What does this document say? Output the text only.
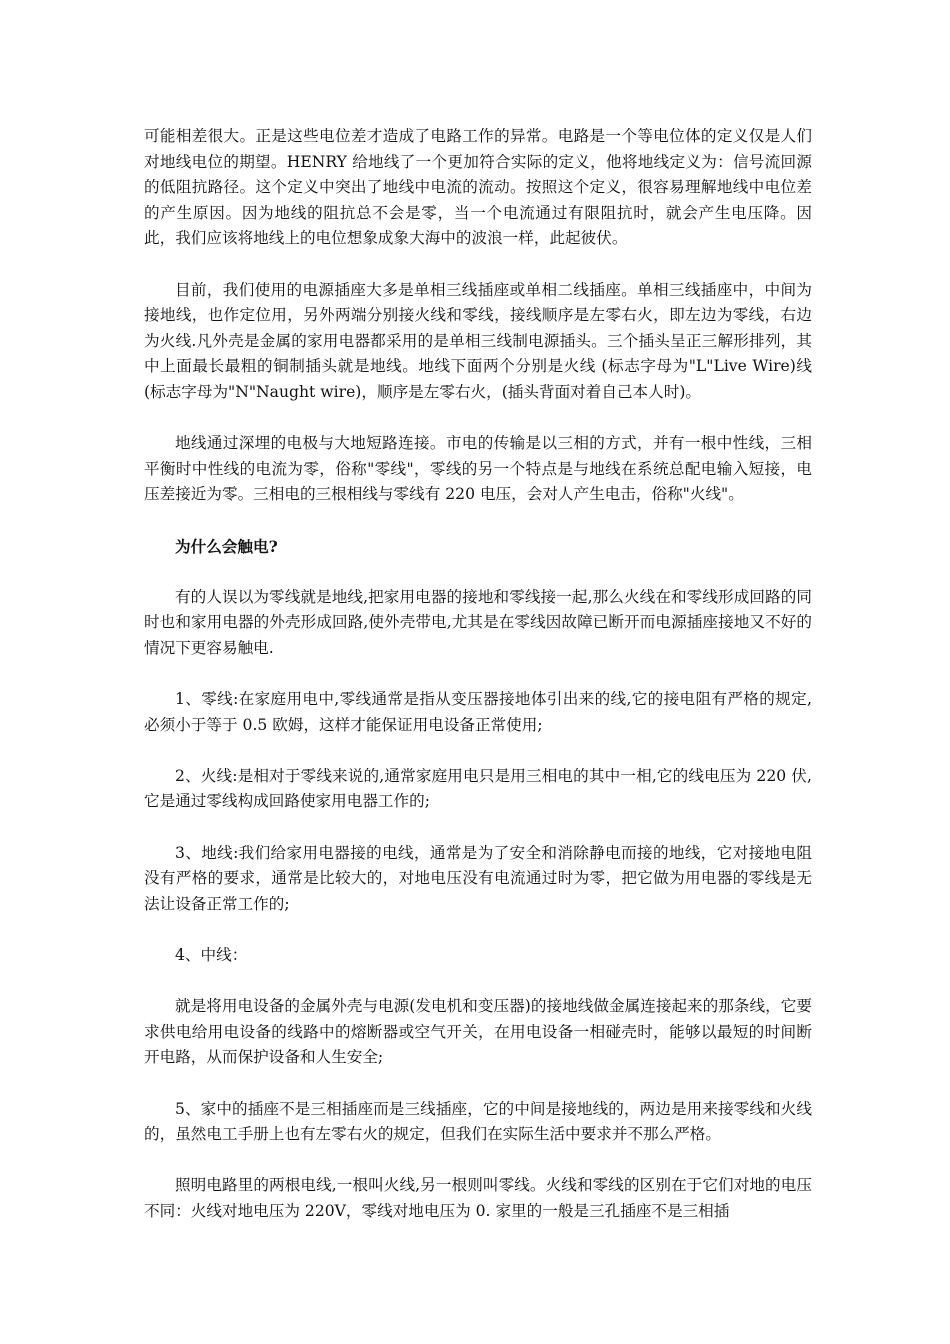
可能相差很大。正是这些电位差才造成了电路工作的异常。电路是一个等电位体的定义仅是人们对地线电位的期望。HENRY 给地线了一个更加符合实际的定义，他将地线定义为：信号流回源的低阻抗路径。这个定义中突出了地线中电流的流动。按照这个定义，很容易理解地线中电位差的产生原因。因为地线的阻抗总不会是零，当一个电流通过有限阻抗时，就会产生电压降。因此，我们应该将地线上的电位想象成象大海中的波浪一样，此起彼伏。

目前，我们使用的电源插座大多是单相三线插座或单相二线插座。单相三线插座中，中间为接地线，也作定位用，另外两端分别接火线和零线，接线顺序是左零右火，即左边为零线，右边为火线.凡外壳是金属的家用电器都采用的是单相三线制电源插头。三个插头呈正三解形排列，其中上面最长最粗的铜制插头就是地线。地线下面两个分别是火线 (标志字母为"L"Live Wire)线(标志字母为"N"Naught wire)，顺序是左零右火，(插头背面对着自己本人时)。

地线通过深埋的电极与大地短路连接。市电的传输是以三相的方式，并有一根中性线，三相平衡时中性线的电流为零，俗称"零线"，零线的另一个特点是与地线在系统总配电输入短接，电压差接近为零。三相电的三根相线与零线有 220 电压，会对人产生电击，俗称"火线"。

为什么会触电?

有的人误以为零线就是地线,把家用电器的接地和零线接一起,那么火线在和零线形成回路的同时也和家用电器的外壳形成回路,使外壳带电,尤其是在零线因故障已断开而电源插座接地又不好的情况下更容易触电.

1、零线:在家庭用电中,零线通常是指从变压器接地体引出来的线,它的接电阻有严格的规定,必须小于等于 0.5 欧姆，这样才能保证用电设备正常使用;

2、火线:是相对于零线来说的,通常家庭用电只是用三相电的其中一相,它的线电压为 220 伏,它是通过零线构成回路使家用电器工作的;

3、地线:我们给家用电器接的电线，通常是为了安全和消除静电而接的地线，它对接地电阻没有严格的要求，通常是比较大的，对地电压没有电流通过时为零，把它做为用电器的零线是无法让设备正常工作的;

4、中线：

就是将用电设备的金属外壳与电源(发电机和变压器)的接地线做金属连接起来的那条线，它要求供电给用电设备的线路中的熔断器或空气开关，在用电设备一相碰壳时，能够以最短的时间断开电路，从而保护设备和人生安全;

5、家中的插座不是三相插座而是三线插座，它的中间是接地线的，两边是用来接零线和火线的，虽然电工手册上也有左零右火的规定，但我们在实际生活中要求并不那么严格。

照明电路里的两根电线,一根叫火线,另一根则叫零线。火线和零线的区别在于它们对地的电压不同：火线对地电压为 220V，零线对地电压为 0. 家里的一般是三孔插座不是三相插
